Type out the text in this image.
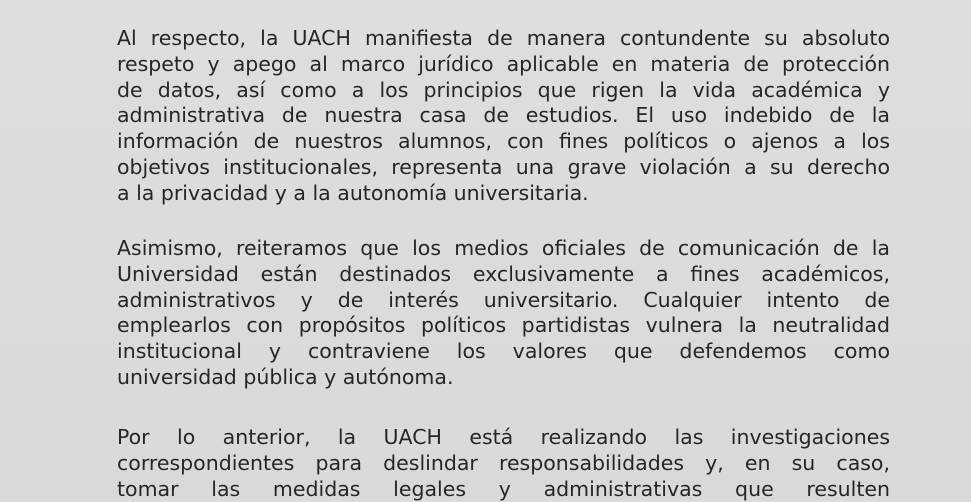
Al respecto, la UACH manifiesta de manera contundente su absoluto
respeto y apego al marco jurídico aplicable en materia de protección
de datos, así como a los principios que rigen la vida académica y
administrativa de nuestra casa de estudios. El uso indebido de la
información de nuestros alumnos, con fines políticos o ajenos a los
objetivos institucionales, representa una grave violación a su derecho
a la privacidad y a la autonomía universitaria.
Asimismo, reiteramos que los medios oficiales de comunicación de la
Universidad están destinados exclusivamente a fines académicos,
administrativos y de interés universitario. Cualquier intento de
emplearlos con propósitos políticos partidistas vulnera la neutralidad
institucional y contraviene los valores que defendemos como
universidad pública y autónoma.
Por lo anterior, la UACH está realizando las investigaciones
correspondientes para deslindar responsabilidades y, en su caso,
tomar las medidas legales y administrativas que resulten
